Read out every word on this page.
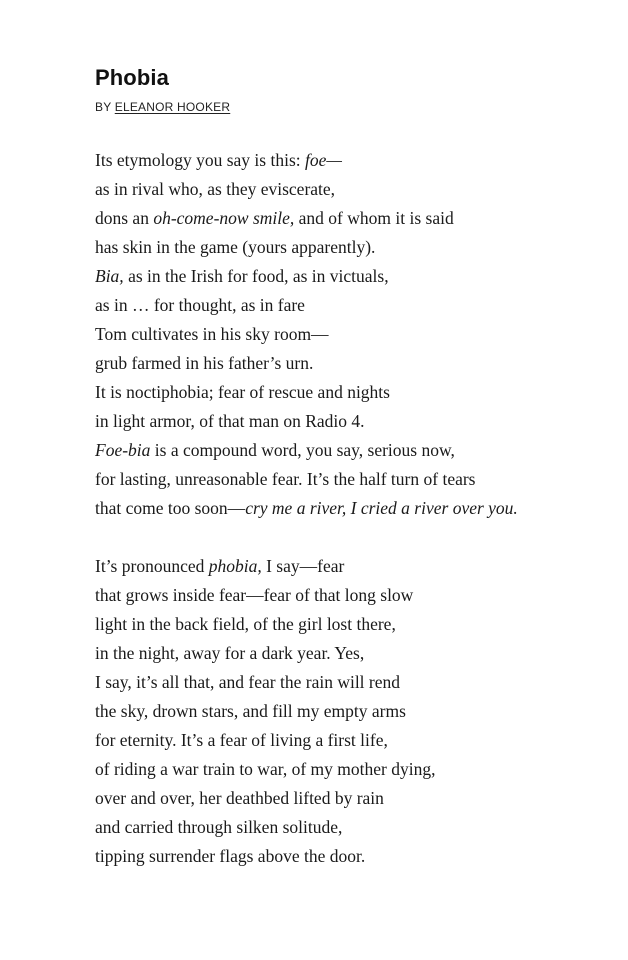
Phobia
BY ELEANOR HOOKER
Its etymology you say is this: foe—
as in rival who, as they eviscerate,
dons an oh-come-now smile, and of whom it is said
has skin in the game (yours apparently).
Bia, as in the Irish for food, as in victuals,
as in … for thought, as in fare
Tom cultivates in his sky room—
grub farmed in his father’s urn.
It is noctiphobia; fear of rescue and nights
in light armor, of that man on Radio 4.
Foe-bia is a compound word, you say, serious now,
for lasting, unreasonable fear. It’s the half turn of tears
that come too soon—cry me a river, I cried a river over you.
It’s pronounced phobia, I say—fear
that grows inside fear—fear of that long slow
light in the back field, of the girl lost there,
in the night, away for a dark year. Yes,
I say, it’s all that, and fear the rain will rend
the sky, drown stars, and fill my empty arms
for eternity. It’s a fear of living a first life,
of riding a war train to war, of my mother dying,
over and over, her deathbed lifted by rain
and carried through silken solitude,
tipping surrender flags above the door.
